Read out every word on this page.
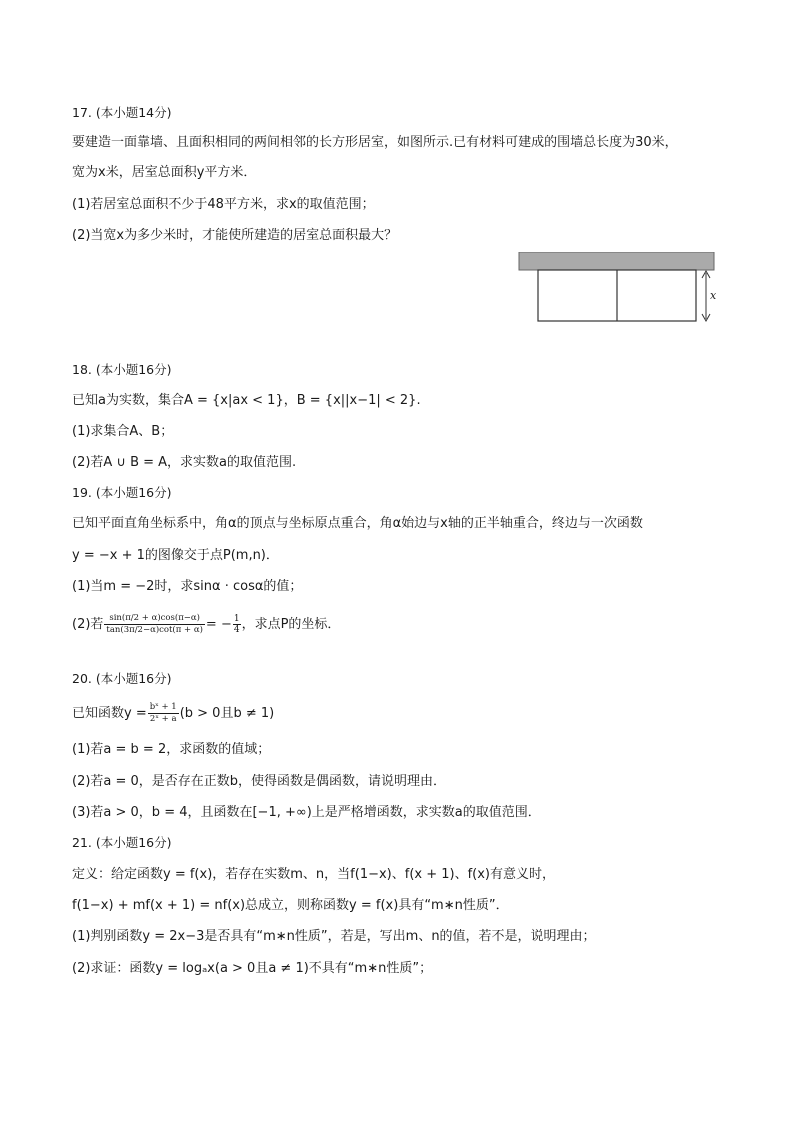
17. (本小题14分)
要建造一面靠墙、且面积相同的两间相邻的长方形居室，如图所示.已有材料可建成的围墙总长度为30米，
宽为x米，居室总面积y平方米．
(1)若居室总面积不少于48平方米，求x的取值范围；
(2)当宽x为多少米时，才能使所建造的居室总面积最大？
x
18. (本小题16分)
已知a为实数，集合A = {x|ax < 1}，B = {x||x−1| < 2}.
(1)求集合A、B；
(2)若A ∪ B = A，求实数a的取值范围.
19. (本小题16分)
已知平面直角坐标系中，角α的顶点与坐标原点重合，角α始边与x轴的正半轴重合，终边与一次函数
y = −x + 1的图像交于点P(m,n)．
(1)当m = −2时，求sinα · cosα的值；
(2)若 $\frac{\sin(\pi/2 + \alpha)\cos(\pi-\alpha)}{\tan(3\pi/2-\alpha)\cot(\pi + \alpha)}$ = − $\frac{1}{4}$ ，求点P的坐标．
20. (本小题16分)
已知函数$y = \frac{\text{bˣ + 1}}{\text{2ˣ + a}} (b > 0$且b ≠ 1)
(1)若a = b = 2，求函数的值域；
(2)若a = 0，是否存在正数b，使得函数是偶函数，请说明理由．
(3)若a > 0，b = 4，且函数在[−1, +∞)上是严格增函数，求实数a的取值范围．
21. (本小题16分)
定义：给定函数y = f(x)，若存在实数m、n，当f(1−x)、f(x + 1)、f(x)有意义时，
f(1−x) + mf(x + 1) = nf(x)总成立，则称函数y = f(x)具有“m∗n性质”．
(1)判别函数y = 2x−3是否具有“m∗n性质”，若是，写出m、n的值，若不是，说明理由；
(2)求证：函数y = logₐx(a > 0且a ≠ 1)不具有“m∗n性质”；
